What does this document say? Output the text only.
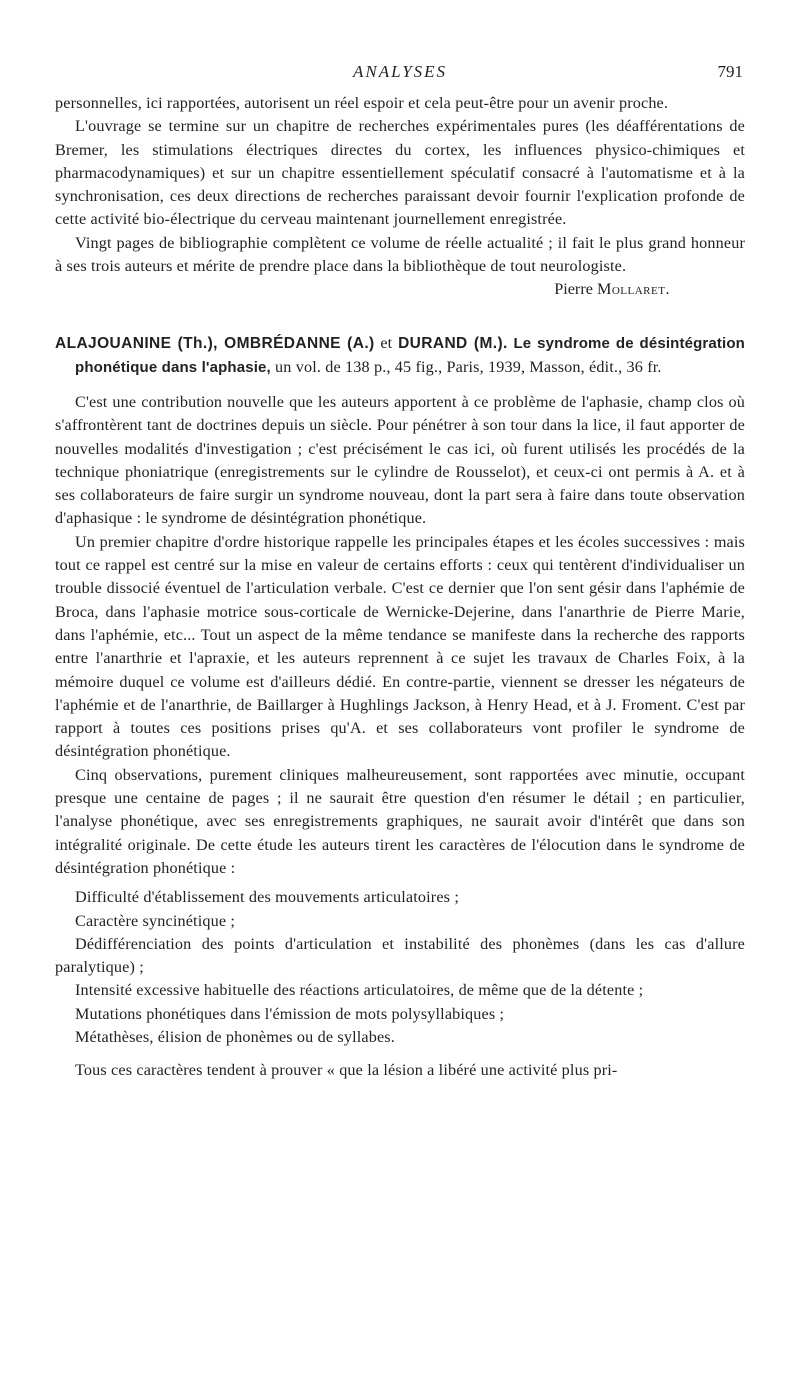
ANALYSES	791

personnelles, ici rapportées, autorisent un réel espoir et cela peut-être pour un avenir proche.

L'ouvrage se termine sur un chapitre de recherches expérimentales pures (les déafférentations de Bremer, les stimulations électriques directes du cortex, les influences physico-chimiques et pharmacodynamiques) et sur un chapitre essentiellement spéculatif consacré à l'automatisme et à la synchronisation, ces deux directions de recherches paraissant devoir fournir l'explication profonde de cette activité bio-électrique du cerveau maintenant journellement enregistrée.

Vingt pages de bibliographie complètent ce volume de réelle actualité ; il fait le plus grand honneur à ses trois auteurs et mérite de prendre place dans la bibliothèque de tout neurologiste.

Pierre Mollaret.

ALAJOUANINE (Th.), OMBRÉDANNE (A.) et DURAND (M.). Le syndrome de désintégration phonétique dans l'aphasie, un vol. de 138 p., 45 fig., Paris, 1939, Masson, édit., 36 fr.

C'est une contribution nouvelle que les auteurs apportent à ce problème de l'aphasie, champ clos où s'affrontèrent tant de doctrines depuis un siècle. Pour pénétrer à son tour dans la lice, il faut apporter de nouvelles modalités d'investigation ; c'est précisément le cas ici, où furent utilisés les procédés de la technique phoniatrique (enregistrements sur le cylindre de Rousselot), et ceux-ci ont permis à A. et à ses collaborateurs de faire surgir un syndrome nouveau, dont la part sera à faire dans toute observation d'aphasique : le syndrome de désintégration phonétique.

Un premier chapitre d'ordre historique rappelle les principales étapes et les écoles successives : mais tout ce rappel est centré sur la mise en valeur de certains efforts : ceux qui tentèrent d'individualiser un trouble dissocié éventuel de l'articulation verbale. C'est ce dernier que l'on sent gésir dans l'aphémie de Broca, dans l'aphasie motrice sous-corticale de Wernicke-Dejerine, dans l'anarthrie de Pierre Marie, dans l'aphémie, etc... Tout un aspect de la même tendance se manifeste dans la recherche des rapports entre l'anarthrie et l'apraxie, et les auteurs reprennent à ce sujet les travaux de Charles Foix, à la mémoire duquel ce volume est d'ailleurs dédié. En contre-partie, viennent se dresser les négateurs de l'aphémie et de l'anarthrie, de Baillarger à Hughlings Jackson, à Henry Head, et à J. Froment. C'est par rapport à toutes ces positions prises qu'A. et ses collaborateurs vont profiler le syndrome de désintégration phonétique.

Cinq observations, purement cliniques malheureusement, sont rapportées avec minutie, occupant presque une centaine de pages ; il ne saurait être question d'en résumer le détail ; en particulier, l'analyse phonétique, avec ses enregistrements graphiques, ne saurait avoir d'intérêt que dans son intégralité originale. De cette étude les auteurs tirent les caractères de l'élocution dans le syndrome de désintégration phonétique :

Difficulté d'établissement des mouvements articulatoires ;

Caractère syncinétique ;

Dédifférenciation des points d'articulation et instabilité des phonèmes (dans les cas d'allure paralytique) ;

Intensité excessive habituelle des réactions articulatoires, de même que de la détente ;

Mutations phonétiques dans l'émission de mots polysyllabiques ;

Métathèses, élision de phonèmes ou de syllabes.

Tous ces caractères tendent à prouver « que la lésion a libéré une activité plus pri-
